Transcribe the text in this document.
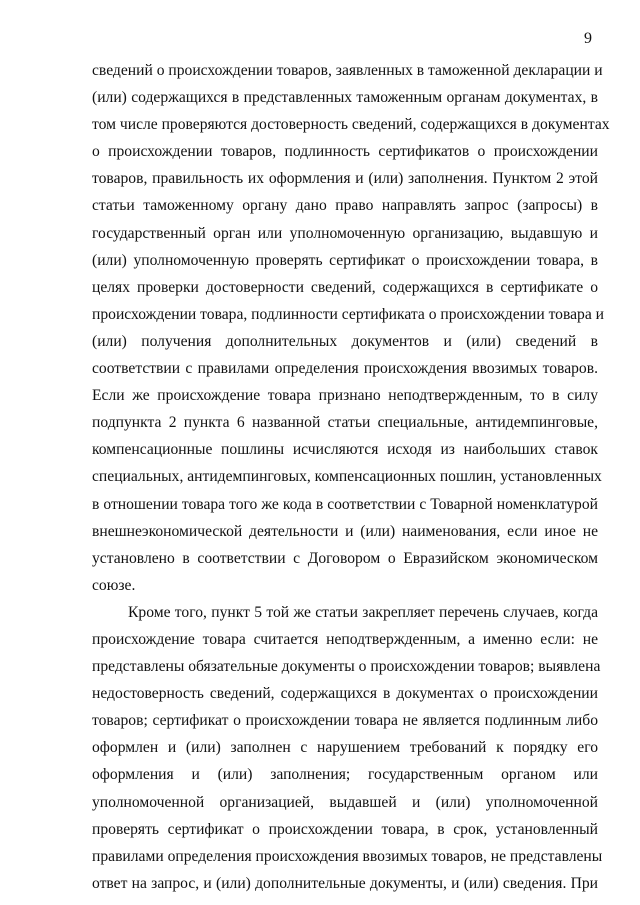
9
сведений о происхождении товаров, заявленных в таможенной декларации и
(или) содержащихся в представленных таможенным органам документах, в
том числе проверяются достоверность сведений, содержащихся в документах
о происхождении товаров, подлинность сертификатов о происхождении
товаров, правильность их оформления и (или) заполнения. Пунктом 2 этой
статьи таможенному органу дано право направлять запрос (запросы) в
государственный орган или уполномоченную организацию, выдавшую и
(или) уполномоченную проверять сертификат о происхождении товара, в
целях проверки достоверности сведений, содержащихся в сертификате о
происхождении товара, подлинности сертификата о происхождении товара и
(или) получения дополнительных документов и (или) сведений в
соответствии с правилами определения происхождения ввозимых товаров.
Если же происхождение товара признано неподтвержденным, то в силу
подпункта 2 пункта 6 названной статьи специальные, антидемпинговые,
компенсационные пошлины исчисляются исходя из наибольших ставок
специальных, антидемпинговых, компенсационных пошлин, установленных
в отношении товара того же кода в соответствии с Товарной номенклатурой
внешнеэкономической деятельности и (или) наименования, если иное не
установлено в соответствии с Договором о Евразийском экономическом
союзе.
Кроме того, пункт 5 той же статьи закрепляет перечень случаев, когда
происхождение товара считается неподтвержденным, а именно если: не
представлены обязательные документы о происхождении товаров; выявлена
недостоверность сведений, содержащихся в документах о происхождении
товаров; сертификат о происхождении товара не является подлинным либо
оформлен и (или) заполнен с нарушением требований к порядку его
оформления и (или) заполнения; государственным органом или
уполномоченной организацией, выдавшей и (или) уполномоченной
проверять сертификат о происхождении товара, в срок, установленный
правилами определения происхождения ввозимых товаров, не представлены
ответ на запрос, и (или) дополнительные документы, и (или) сведения. При
